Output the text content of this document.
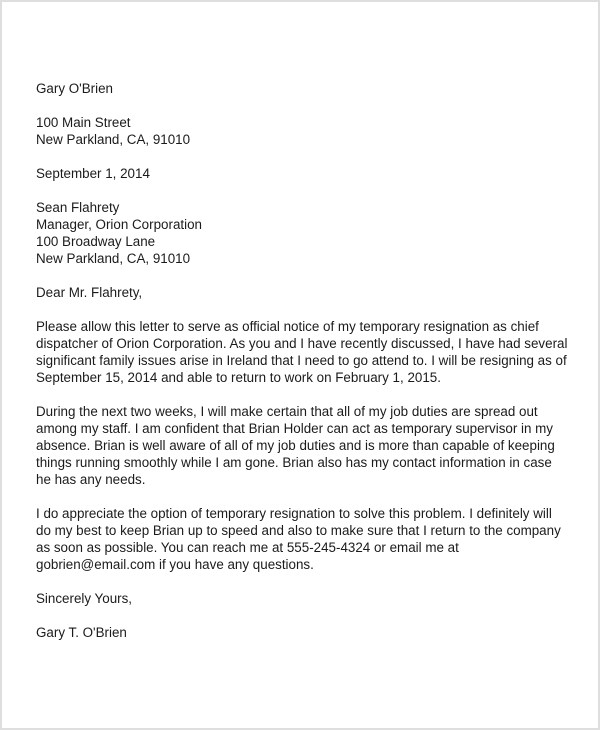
Gary O'Brien
100 Main Street
New Parkland, CA, 91010
September 1, 2014
Sean Flahrety
Manager, Orion Corporation
100 Broadway Lane
New Parkland, CA, 91010
Dear Mr. Flahrety,

Please allow this letter to serve as official notice of my temporary resignation as chief dispatcher of Orion Corporation. As you and I have recently discussed, I have had several significant family issues arise in Ireland that I need to go attend to. I will be resigning as of September 15, 2014 and able to return to work on February 1, 2015.

During the next two weeks, I will make certain that all of my job duties are spread out among my staff. I am confident that Brian Holder can act as temporary supervisor in my absence. Brian is well aware of all of my job duties and is more than capable of keeping things running smoothly while I am gone. Brian also has my contact information in case he has any needs.

I do appreciate the option of temporary resignation to solve this problem. I definitely will do my best to keep Brian up to speed and also to make sure that I return to the company as soon as possible. You can reach me at 555-245-4324 or email me at gobrien@email.com if you have any questions.

Sincerely Yours,
Gary T. O'Brien
